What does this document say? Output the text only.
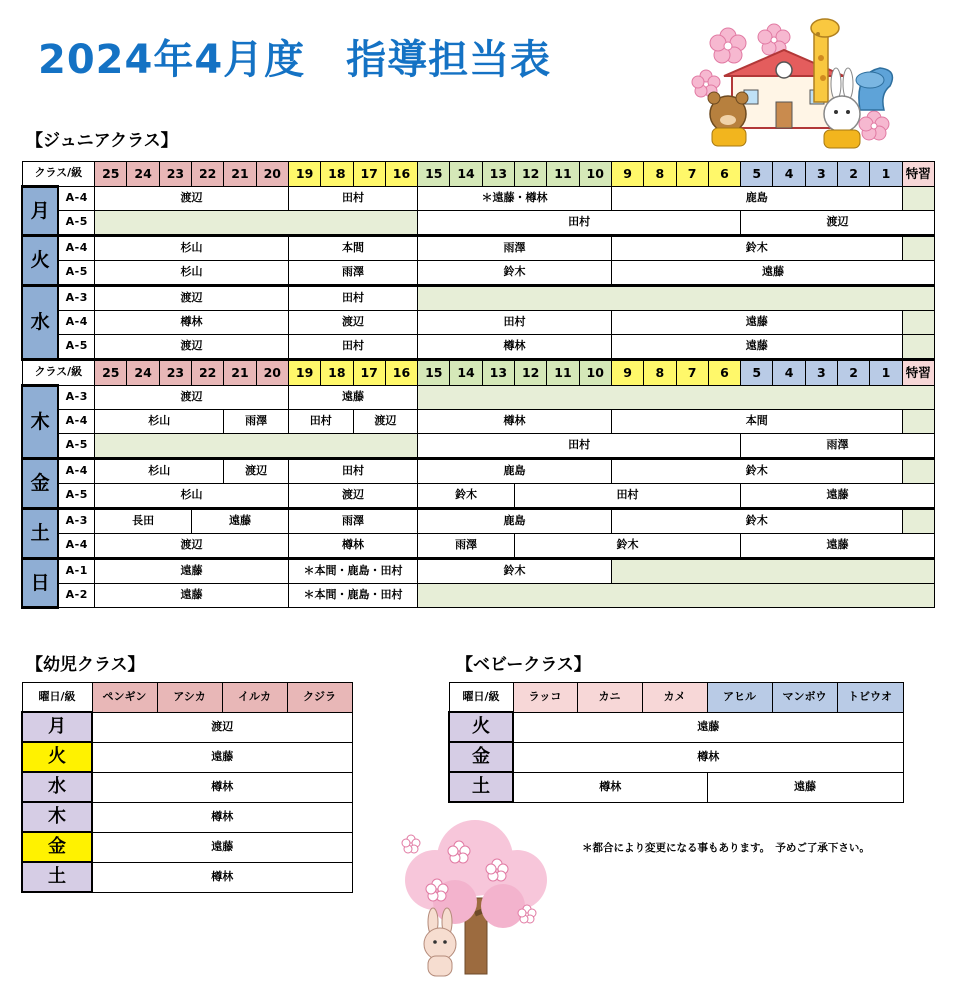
2024年4月度　指導担当表

【ジュニアクラス】

クラス/級		25	24	23	22	21	20	19	18	17	16	15	14	13	12	11	10	9	8	7	6	5	4	3	2	1	特習
月	A-4	渡辺						田村				＊遠藤・樽林						鹿島									
	A-5											田村										渡辺					
火	A-4	杉山						本間				雨澤						鈴木									
	A-5	杉山						雨澤				鈴木						遠藤									
水	A-3	渡辺						田村																			
	A-4	樽林						渡辺				田村						遠藤									
	A-5	渡辺						田村				樽林						遠藤									
クラス/級		25	24	23	22	21	20	19	18	17	16	15	14	13	12	11	10	9	8	7	6	5	4	3	2	1	特習
木	A-3	渡辺						遠藤																			
	A-4	杉山				雨澤		田村		渡辺		樽林						本間									
	A-5											田村										雨澤					
金	A-4	杉山				渡辺		田村				鹿島						鈴木									
	A-5	杉山						渡辺				鈴木			田村							遠藤					
土	A-3	長田			遠藤			雨澤				鹿島						鈴木									
	A-4	渡辺						樽林				雨澤			鈴木							遠藤					
日	A-1	遠藤						＊本間・鹿島・田村				鈴木															
	A-2	遠藤						＊本間・鹿島・田村																			

【幼児クラス】

曜日/級	ペンギン	アシカ	イルカ	クジラ
月	渡辺			
火	遠藤			
水	樽林			
木	樽林			
金	遠藤			
土	樽林			

【ベビークラス】

曜日/級	ラッコ	カニ	カメ	アヒル	マンボウ	トビウオ
火	遠藤					
金	樽林					
土	樽林			遠藤		

＊都合により変更になる事もあります。　予めご了承下さい。
